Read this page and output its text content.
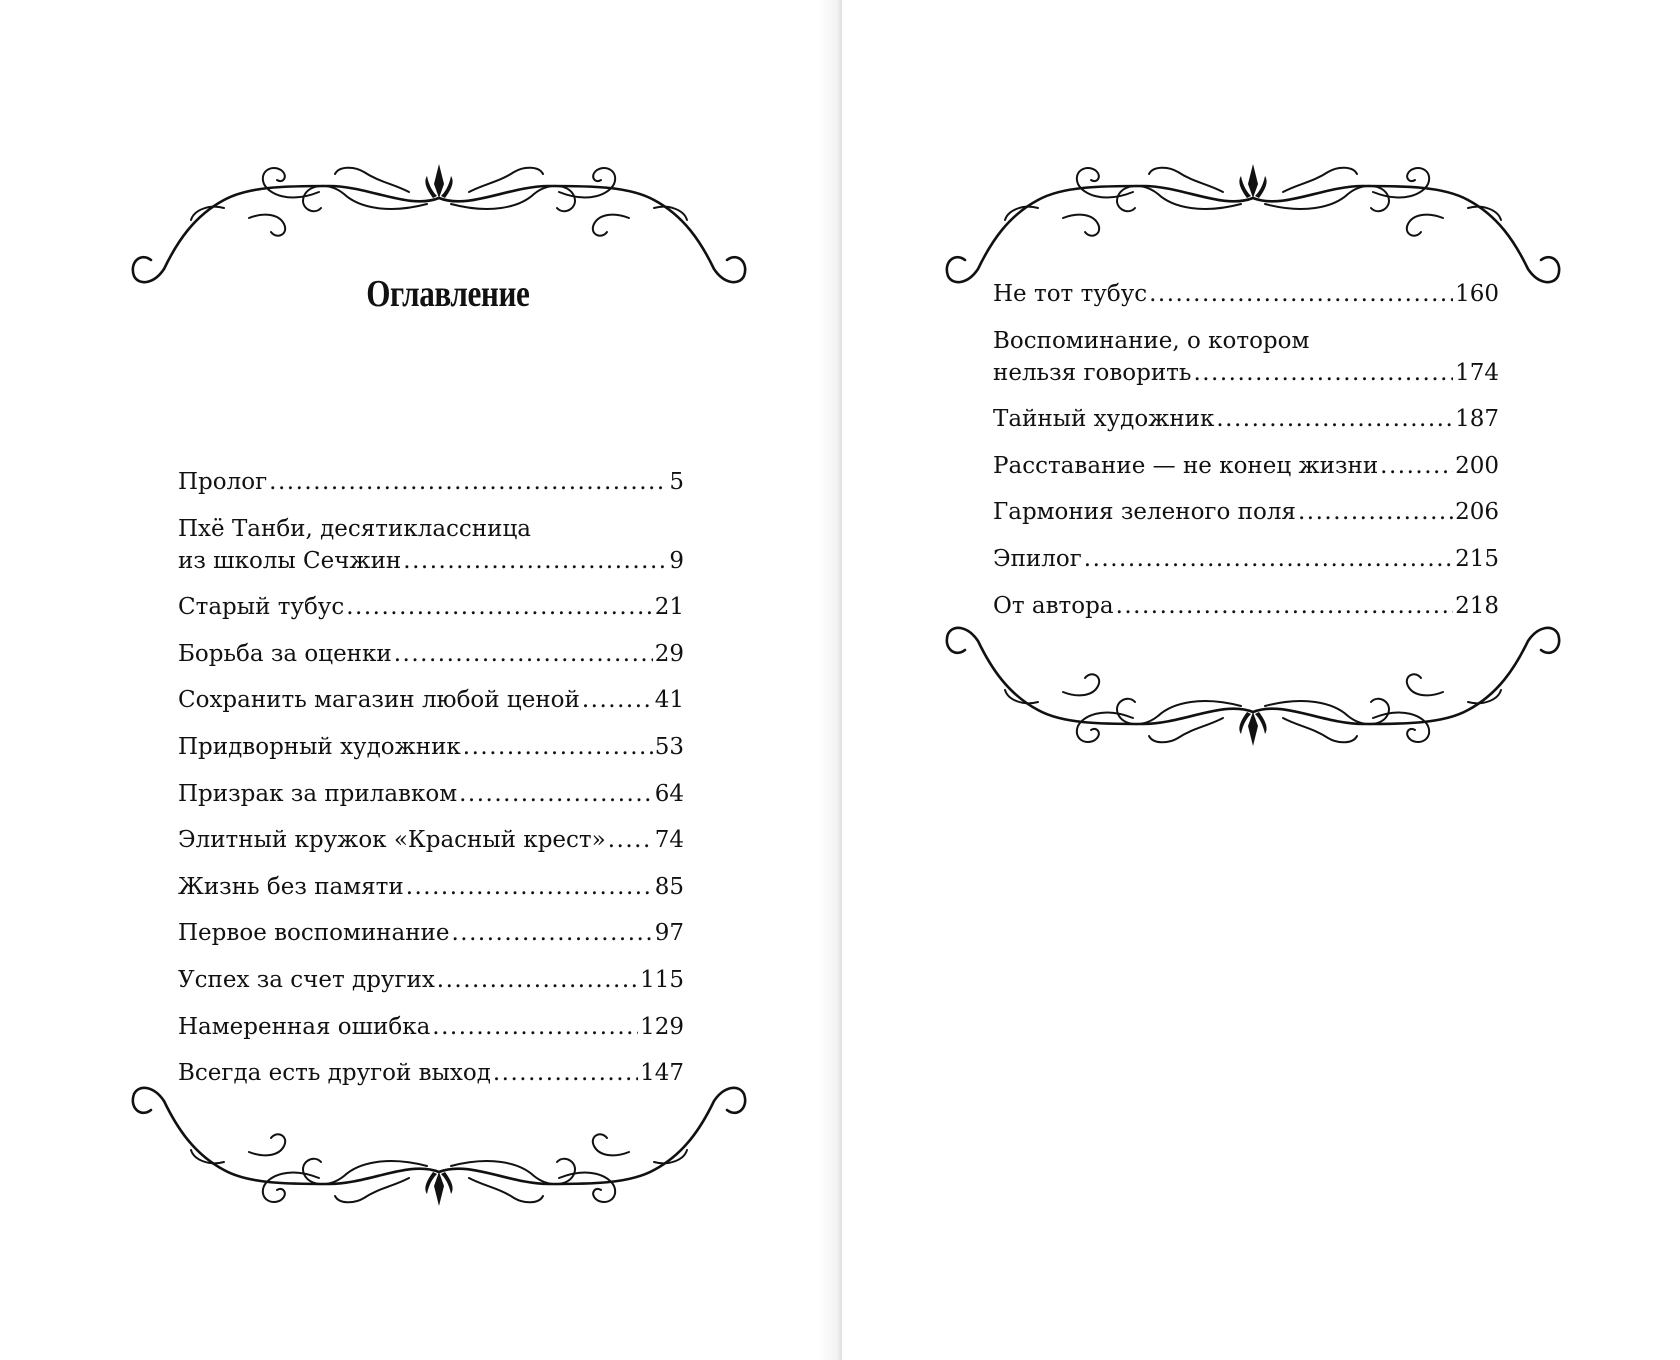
Оглавление
Пролог .....	5
Пхё Танби, десятиклассница
из школы Сечжин .....	9
Старый тубус .....	21
Борьба за оценки .....	29
Сохранить магазин любой ценой .....	41
Придворный художник .....	53
Призрак за прилавком .....	64
Элитный кружок «Красный крест» ..... 74
Жизнь без памяти .....	85
Первое воспоминание .....	97
Успех за счет других .....	115
Намеренная ошибка .....	129
Всегда есть другой выход .....	147
Не тот тубус .....	160
Воспоминание, о котором
нельзя говорить .....	174
Тайный художник .....	187
Расставание — не конец жизни .....	200
Гармония зеленого поля .....	206
Эпилог .....	215
От автора .....	218
